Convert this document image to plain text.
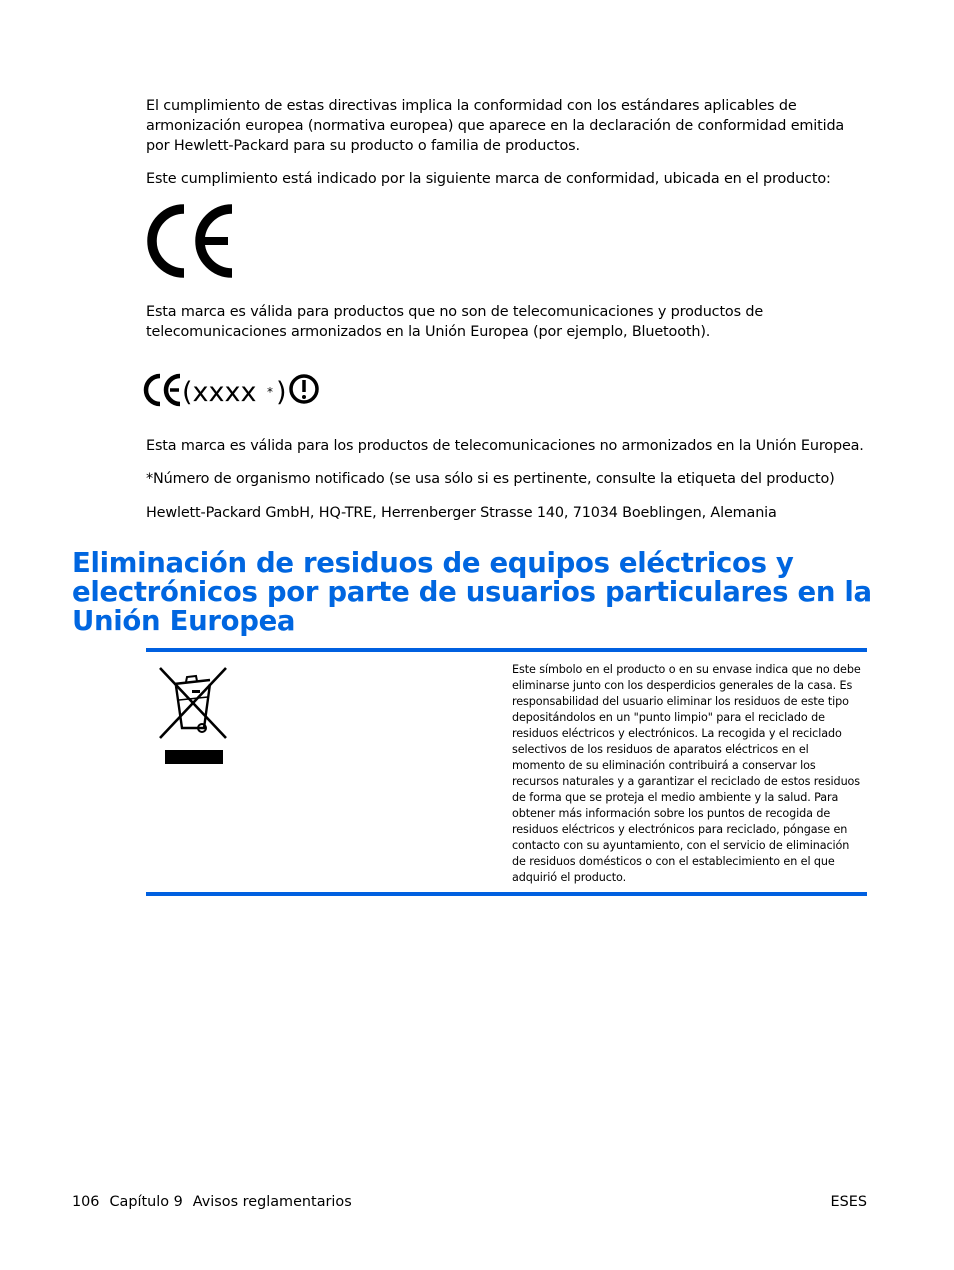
El cumplimiento de estas directivas implica la conformidad con los estándares aplicables de armonización europea (normativa europea) que aparece en la declaración de conformidad emitida por Hewlett-Packard para su producto o familia de productos.

Este cumplimiento está indicado por la siguiente marca de conformidad, ubicada en el producto:

Esta marca es válida para productos que no son de telecomunicaciones y productos de telecomunicaciones armonizados en la Unión Europea (por ejemplo, Bluetooth).

(xxxx * )

Esta marca es válida para los productos de telecomunicaciones no armonizados en la Unión Europea.

*Número de organismo notificado (se usa sólo si es pertinente, consulte la etiqueta del producto)

Hewlett-Packard GmbH, HQ-TRE, Herrenberger Strasse 140, 71034 Boeblingen, Alemania

Eliminación de residuos de equipos eléctricos y electrónicos por parte de usuarios particulares en la Unión Europea

Este símbolo en el producto o en su envase indica que no debe eliminarse junto con los desperdicios generales de la casa. Es responsabilidad del usuario eliminar los residuos de este tipo depositándolos en un "punto limpio" para el reciclado de residuos eléctricos y electrónicos. La recogida y el reciclado selectivos de los residuos de aparatos eléctricos en el momento de su eliminación contribuirá a conservar los recursos naturales y a garantizar el reciclado de estos residuos de forma que se proteja el medio ambiente y la salud. Para obtener más información sobre los puntos de recogida de residuos eléctricos y electrónicos para reciclado, póngase en contacto con su ayuntamiento, con el servicio de eliminación de residuos domésticos o con el establecimiento en el que adquirió el producto.

106 Capítulo 9 Avisos reglamentarios	ESES
